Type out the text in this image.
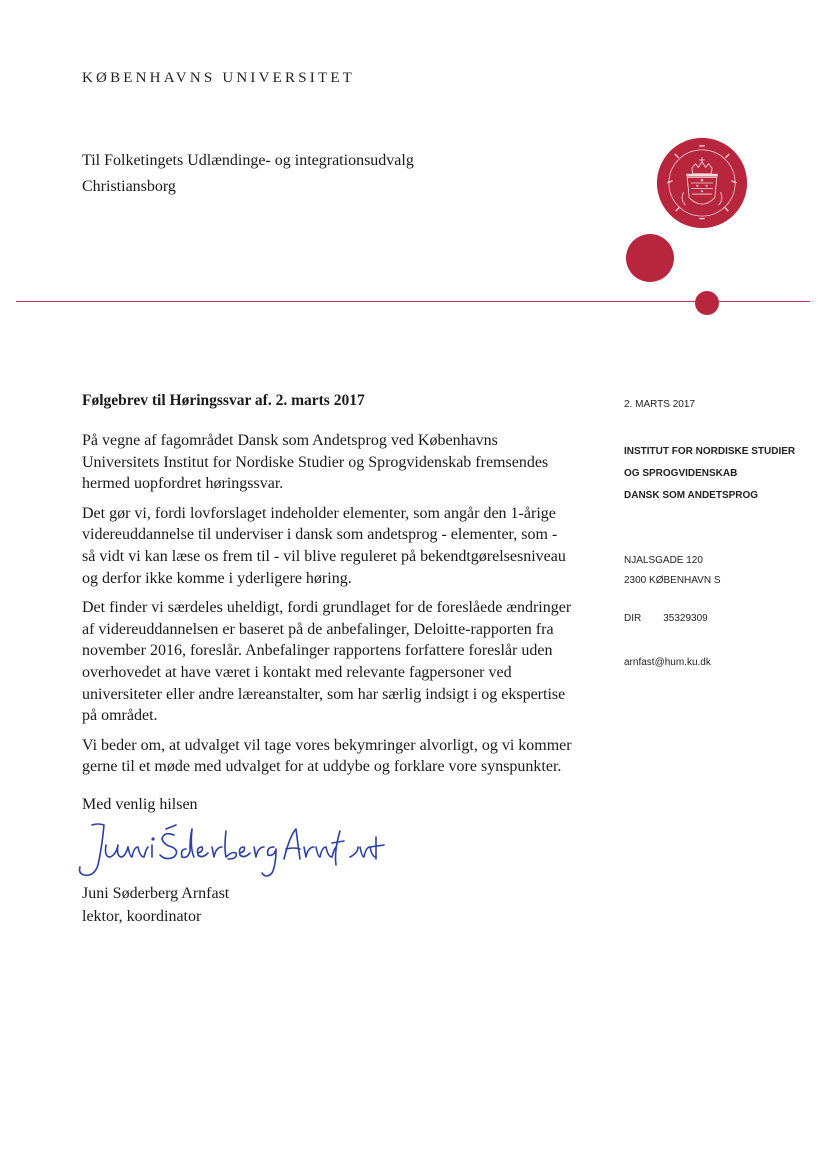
KØBENHAVNS UNIVERSITET
Til Folketingets Udlændinge- og integrationsudvalg
Christiansborg
Følgebrev til Høringssvar af. 2. marts 2017

På vegne af fagområdet Dansk som Andetsprog ved Københavns
Universitets Institut for Nordiske Studier og Sprogvidenskab fremsendes
hermed uopfordret høringssvar.

Det gør vi, fordi lovforslaget indeholder elementer, som angår den 1-årige
videreuddannelse til underviser i dansk som andetsprog - elementer, som -
så vidt vi kan læse os frem til - vil blive reguleret på bekendtgørelsesniveau
og derfor ikke komme i yderligere høring.

Det finder vi særdeles uheldigt, fordi grundlaget for de foreslåede ændringer
af videreuddannelsen er baseret på de anbefalinger, Deloitte-rapporten fra
november 2016, foreslår. Anbefalinger rapportens forfattere foreslår uden
overhovedet at have været i kontakt med relevante fagpersoner ved
universiteter eller andre læreanstalter, som har særlig indsigt i og ekspertise
på området.

Vi beder om, at udvalget vil tage vores bekymringer alvorligt, og vi kommer
gerne til et møde med udvalget for at uddybe og forklare vore synspunkter.

Med venlig hilsen
Juni Søderberg Arnfast
lektor, koordinator
2. MARTS 2017
INSTITUT FOR NORDISKE STUDIER
OG SPROGVIDENSKAB
DANSK SOM ANDETSPROG
NJALSGADE 120
2300 KØBENHAVN S
DIR 35329309
arnfast@hum.ku.dk
